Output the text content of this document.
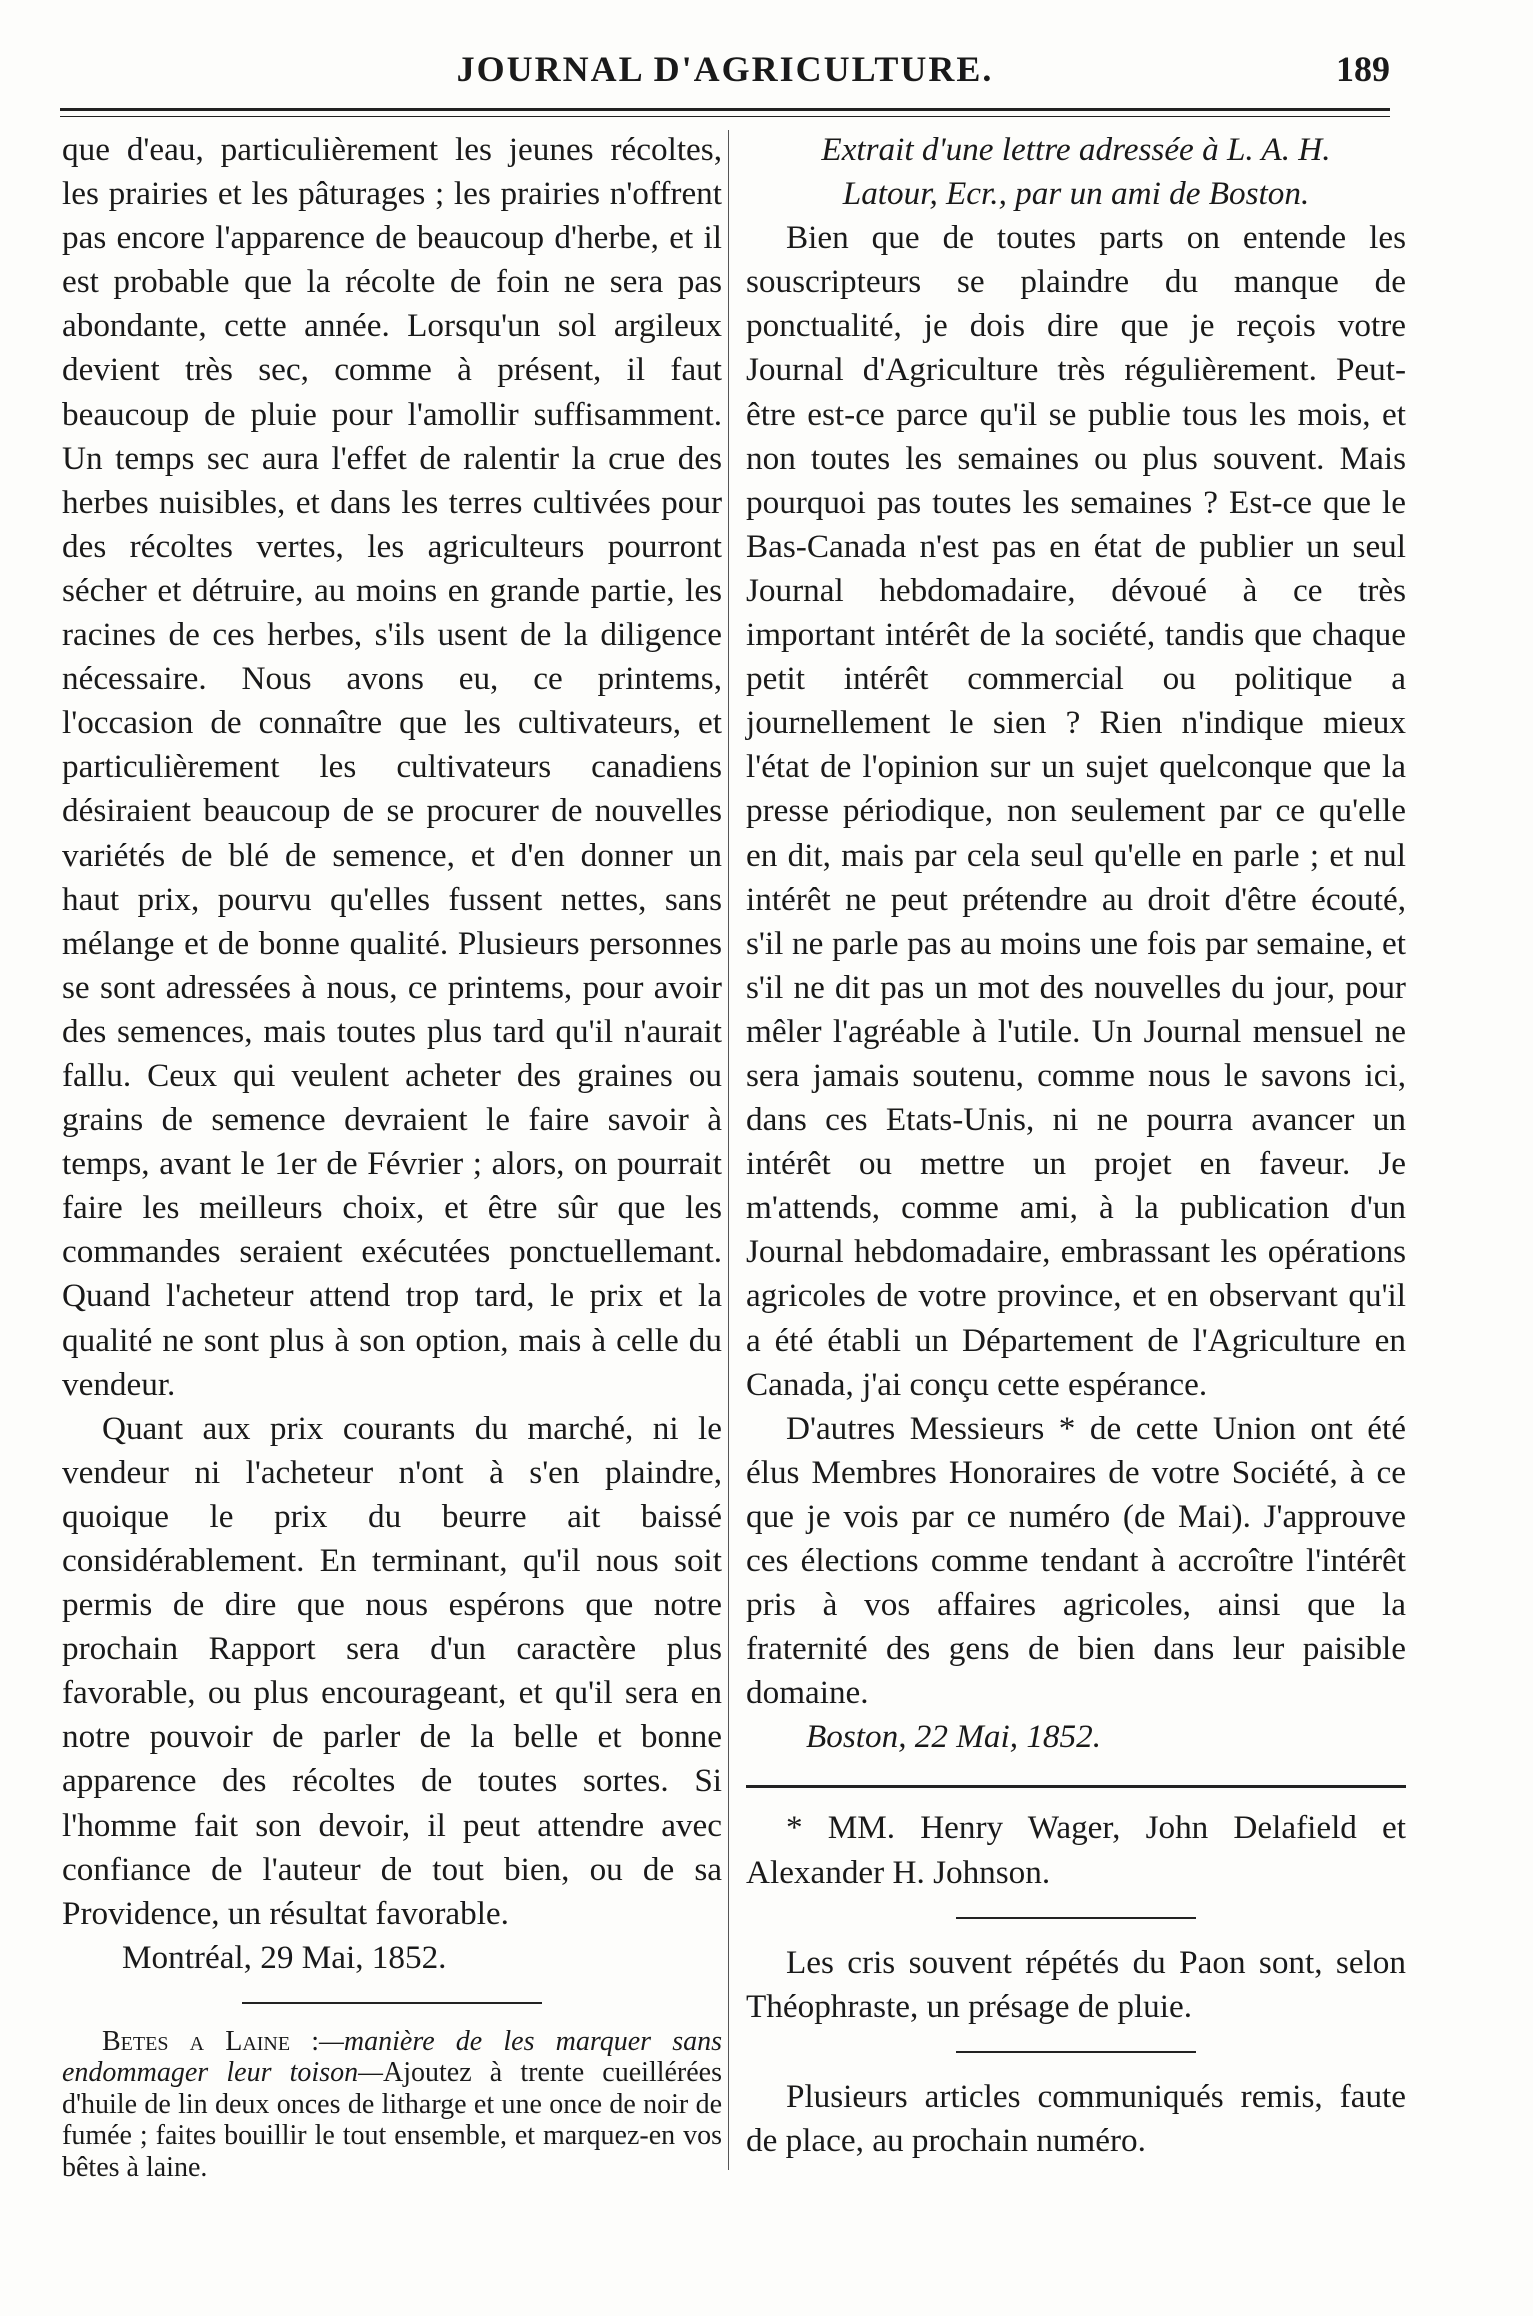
JOURNAL D'AGRICULTURE.	189

que d'eau, particulièrement les jeunes récoltes, les prairies et les pâturages ; les prairies n'offrent pas encore l'apparence de beaucoup d'herbe, et il est probable que la récolte de foin ne sera pas abondante, cette année. Lorsqu'un sol argileux devient très sec, comme à présent, il faut beaucoup de pluie pour l'amollir suffisamment. Un temps sec aura l'effet de ralentir la crue des herbes nuisibles, et dans les terres cultivées pour des récoltes vertes, les agriculteurs pourront sécher et détruire, au moins en grande partie, les racines de ces herbes, s'ils usent de la diligence nécessaire. Nous avons eu, ce printems, l'occasion de connaître que les cultivateurs, et particulièrement les cultivateurs canadiens désiraient beaucoup de se procurer de nouvelles variétés de blé de semence, et d'en donner un haut prix, pourvu qu'elles fussent nettes, sans mélange et de bonne qualité. Plusieurs personnes se sont adressées à nous, ce printems, pour avoir des semences, mais toutes plus tard qu'il n'aurait fallu. Ceux qui veulent acheter des graines ou grains de semence devraient le faire savoir à temps, avant le 1er de Février ; alors, on pourrait faire les meilleurs choix, et être sûr que les commandes seraient exécutées ponctuellemant. Quand l'acheteur attend trop tard, le prix et la qualité ne sont plus à son option, mais à celle du vendeur.

Quant aux prix courants du marché, ni le vendeur ni l'acheteur n'ont à s'en plaindre, quoique le prix du beurre ait baissé considérablement. En terminant, qu'il nous soit permis de dire que nous espérons que notre prochain Rapport sera d'un caractère plus favorable, ou plus encourageant, et qu'il sera en notre pouvoir de parler de la belle et bonne apparence des récoltes de toutes sortes. Si l'homme fait son devoir, il peut attendre avec confiance de l'auteur de tout bien, ou de sa Providence, un résultat favorable.

Montréal, 29 Mai, 1852.

Betes a Laine :—manière de les marquer sans endommager leur toison—Ajoutez à trente cueillérées d'huile de lin deux onces de litharge et une once de noir de fumée ; faites bouillir le tout ensemble, et marquez-en vos bêtes à laine.

Extrait d'une lettre adressée à L. A. H.

Latour, Ecr., par un ami de Boston.

Bien que de toutes parts on entende les souscripteurs se plaindre du manque de ponctualité, je dois dire que je reçois votre Journal d'Agriculture très régulièrement. Peut-être est-ce parce qu'il se publie tous les mois, et non toutes les semaines ou plus souvent. Mais pourquoi pas toutes les semaines ? Est-ce que le Bas-Canada n'est pas en état de publier un seul Journal hebdomadaire, dévoué à ce très important intérêt de la société, tandis que chaque petit intérêt commercial ou politique a journellement le sien ? Rien n'indique mieux l'état de l'opinion sur un sujet quelconque que la presse périodique, non seulement par ce qu'elle en dit, mais par cela seul qu'elle en parle ; et nul intérêt ne peut prétendre au droit d'être écouté, s'il ne parle pas au moins une fois par semaine, et s'il ne dit pas un mot des nouvelles du jour, pour mêler l'agréable à l'utile. Un Journal mensuel ne sera jamais soutenu, comme nous le savons ici, dans ces Etats-Unis, ni ne pourra avancer un intérêt ou mettre un projet en faveur. Je m'attends, comme ami, à la publication d'un Journal hebdomadaire, embrassant les opérations agricoles de votre province, et en observant qu'il a été établi un Département de l'Agriculture en Canada, j'ai conçu cette espérance.

D'autres Messieurs * de cette Union ont été élus Membres Honoraires de votre Société, à ce que je vois par ce numéro (de Mai). J'approuve ces élections comme tendant à accroître l'intérêt pris à vos affaires agricoles, ainsi que la fraternité des gens de bien dans leur paisible domaine.

Boston, 22 Mai, 1852.

* MM. Henry Wager, John Delafield et Alexander H. Johnson.

Les cris souvent répétés du Paon sont, selon Théophraste, un présage de pluie.

Plusieurs articles communiqués remis, faute de place, au prochain numéro.
